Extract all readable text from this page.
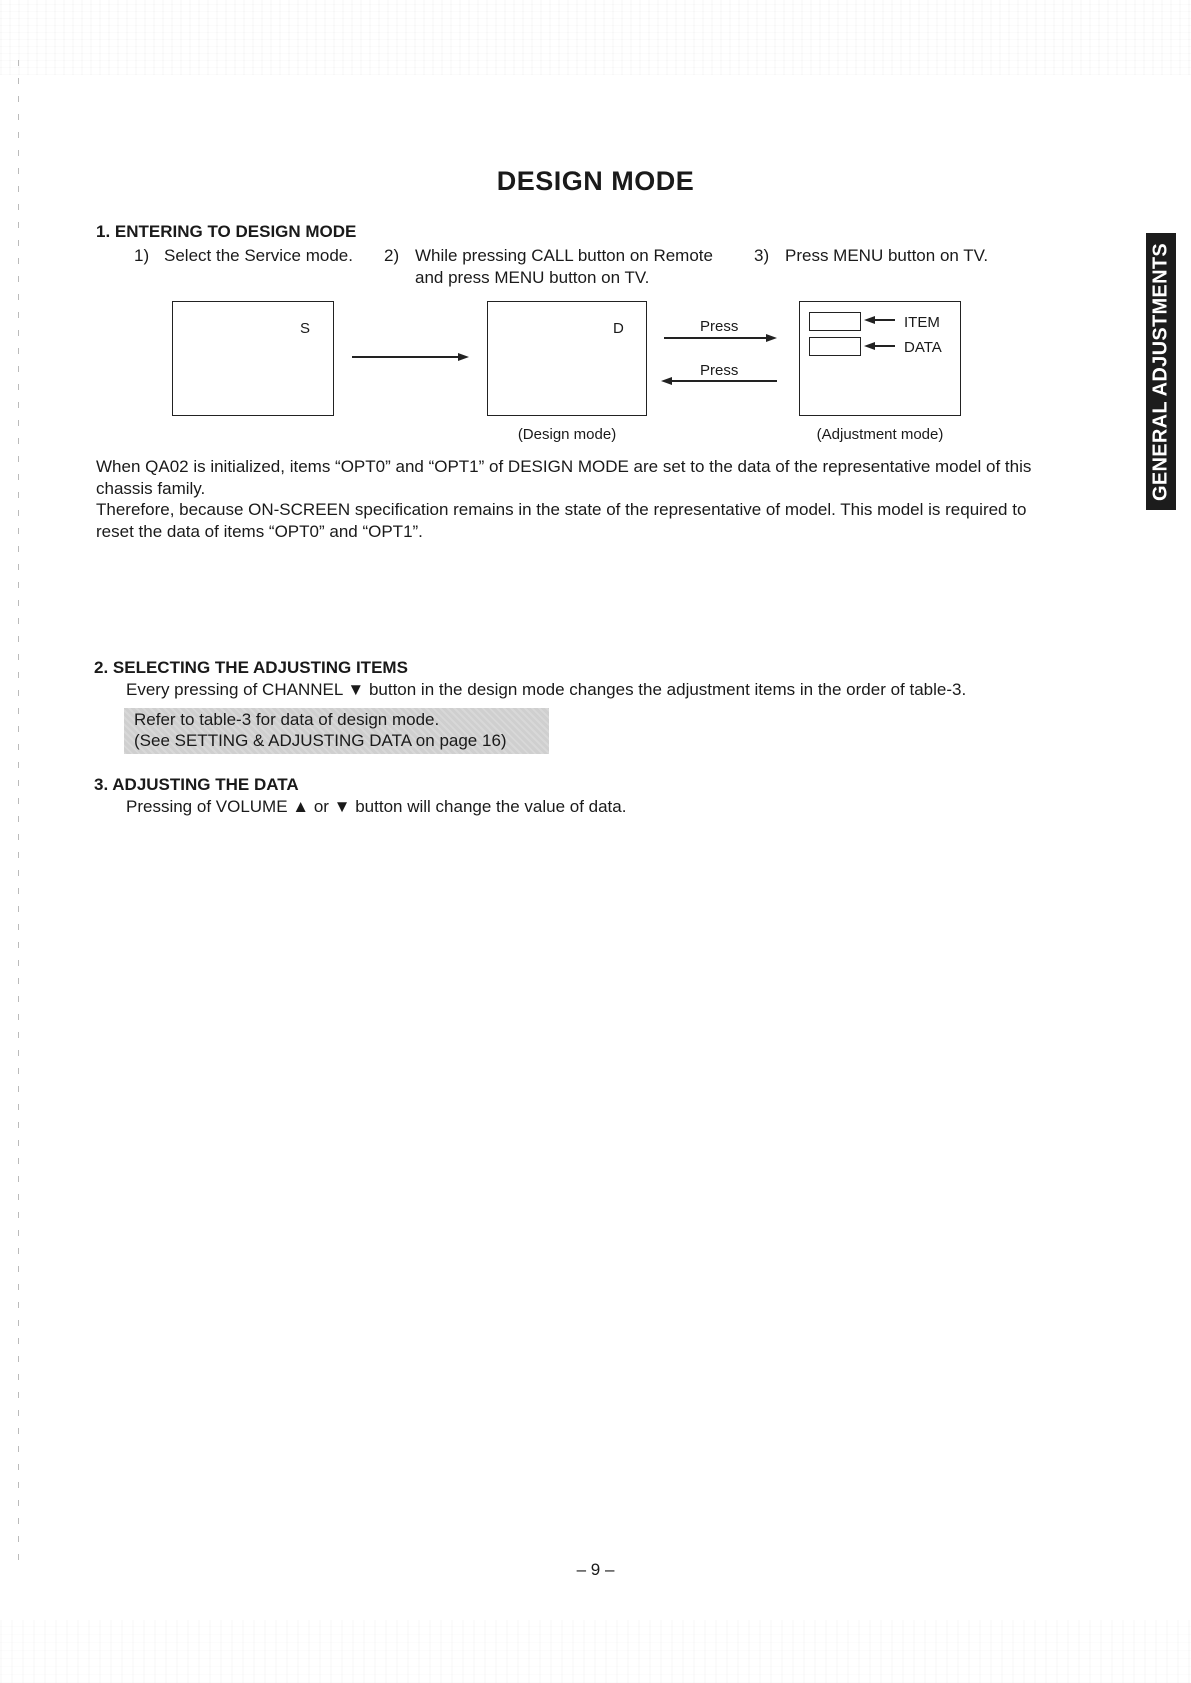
DESIGN MODE
GENERAL ADJUSTMENTS
1. ENTERING TO DESIGN MODE
1) Select the Service mode. 2) While pressing CALL button on Remote
and press MENU button on TV.
3) Press MENU button on TV.
S	D
(Design mode)
Press
Press
ITEM
DATA
(Adjustment mode)
When QA02 is initialized, items “OPT0” and “OPT1” of DESIGN MODE are set to the data of the representative model of this
chassis family.
Therefore, because ON-SCREEN specification remains in the state of the representative of model. This model is required to
reset the data of items “OPT0” and “OPT1”.
2. SELECTING THE ADJUSTING ITEMS
Every pressing of CHANNEL ▼ button in the design mode changes the adjustment items in the order of table-3.
Refer to table-3 for data of design mode.
(See SETTING & ADJUSTING DATA on page 16)
3. ADJUSTING THE DATA
Pressing of VOLUME ▲ or ▼ button will change the value of data.
– 9 –
